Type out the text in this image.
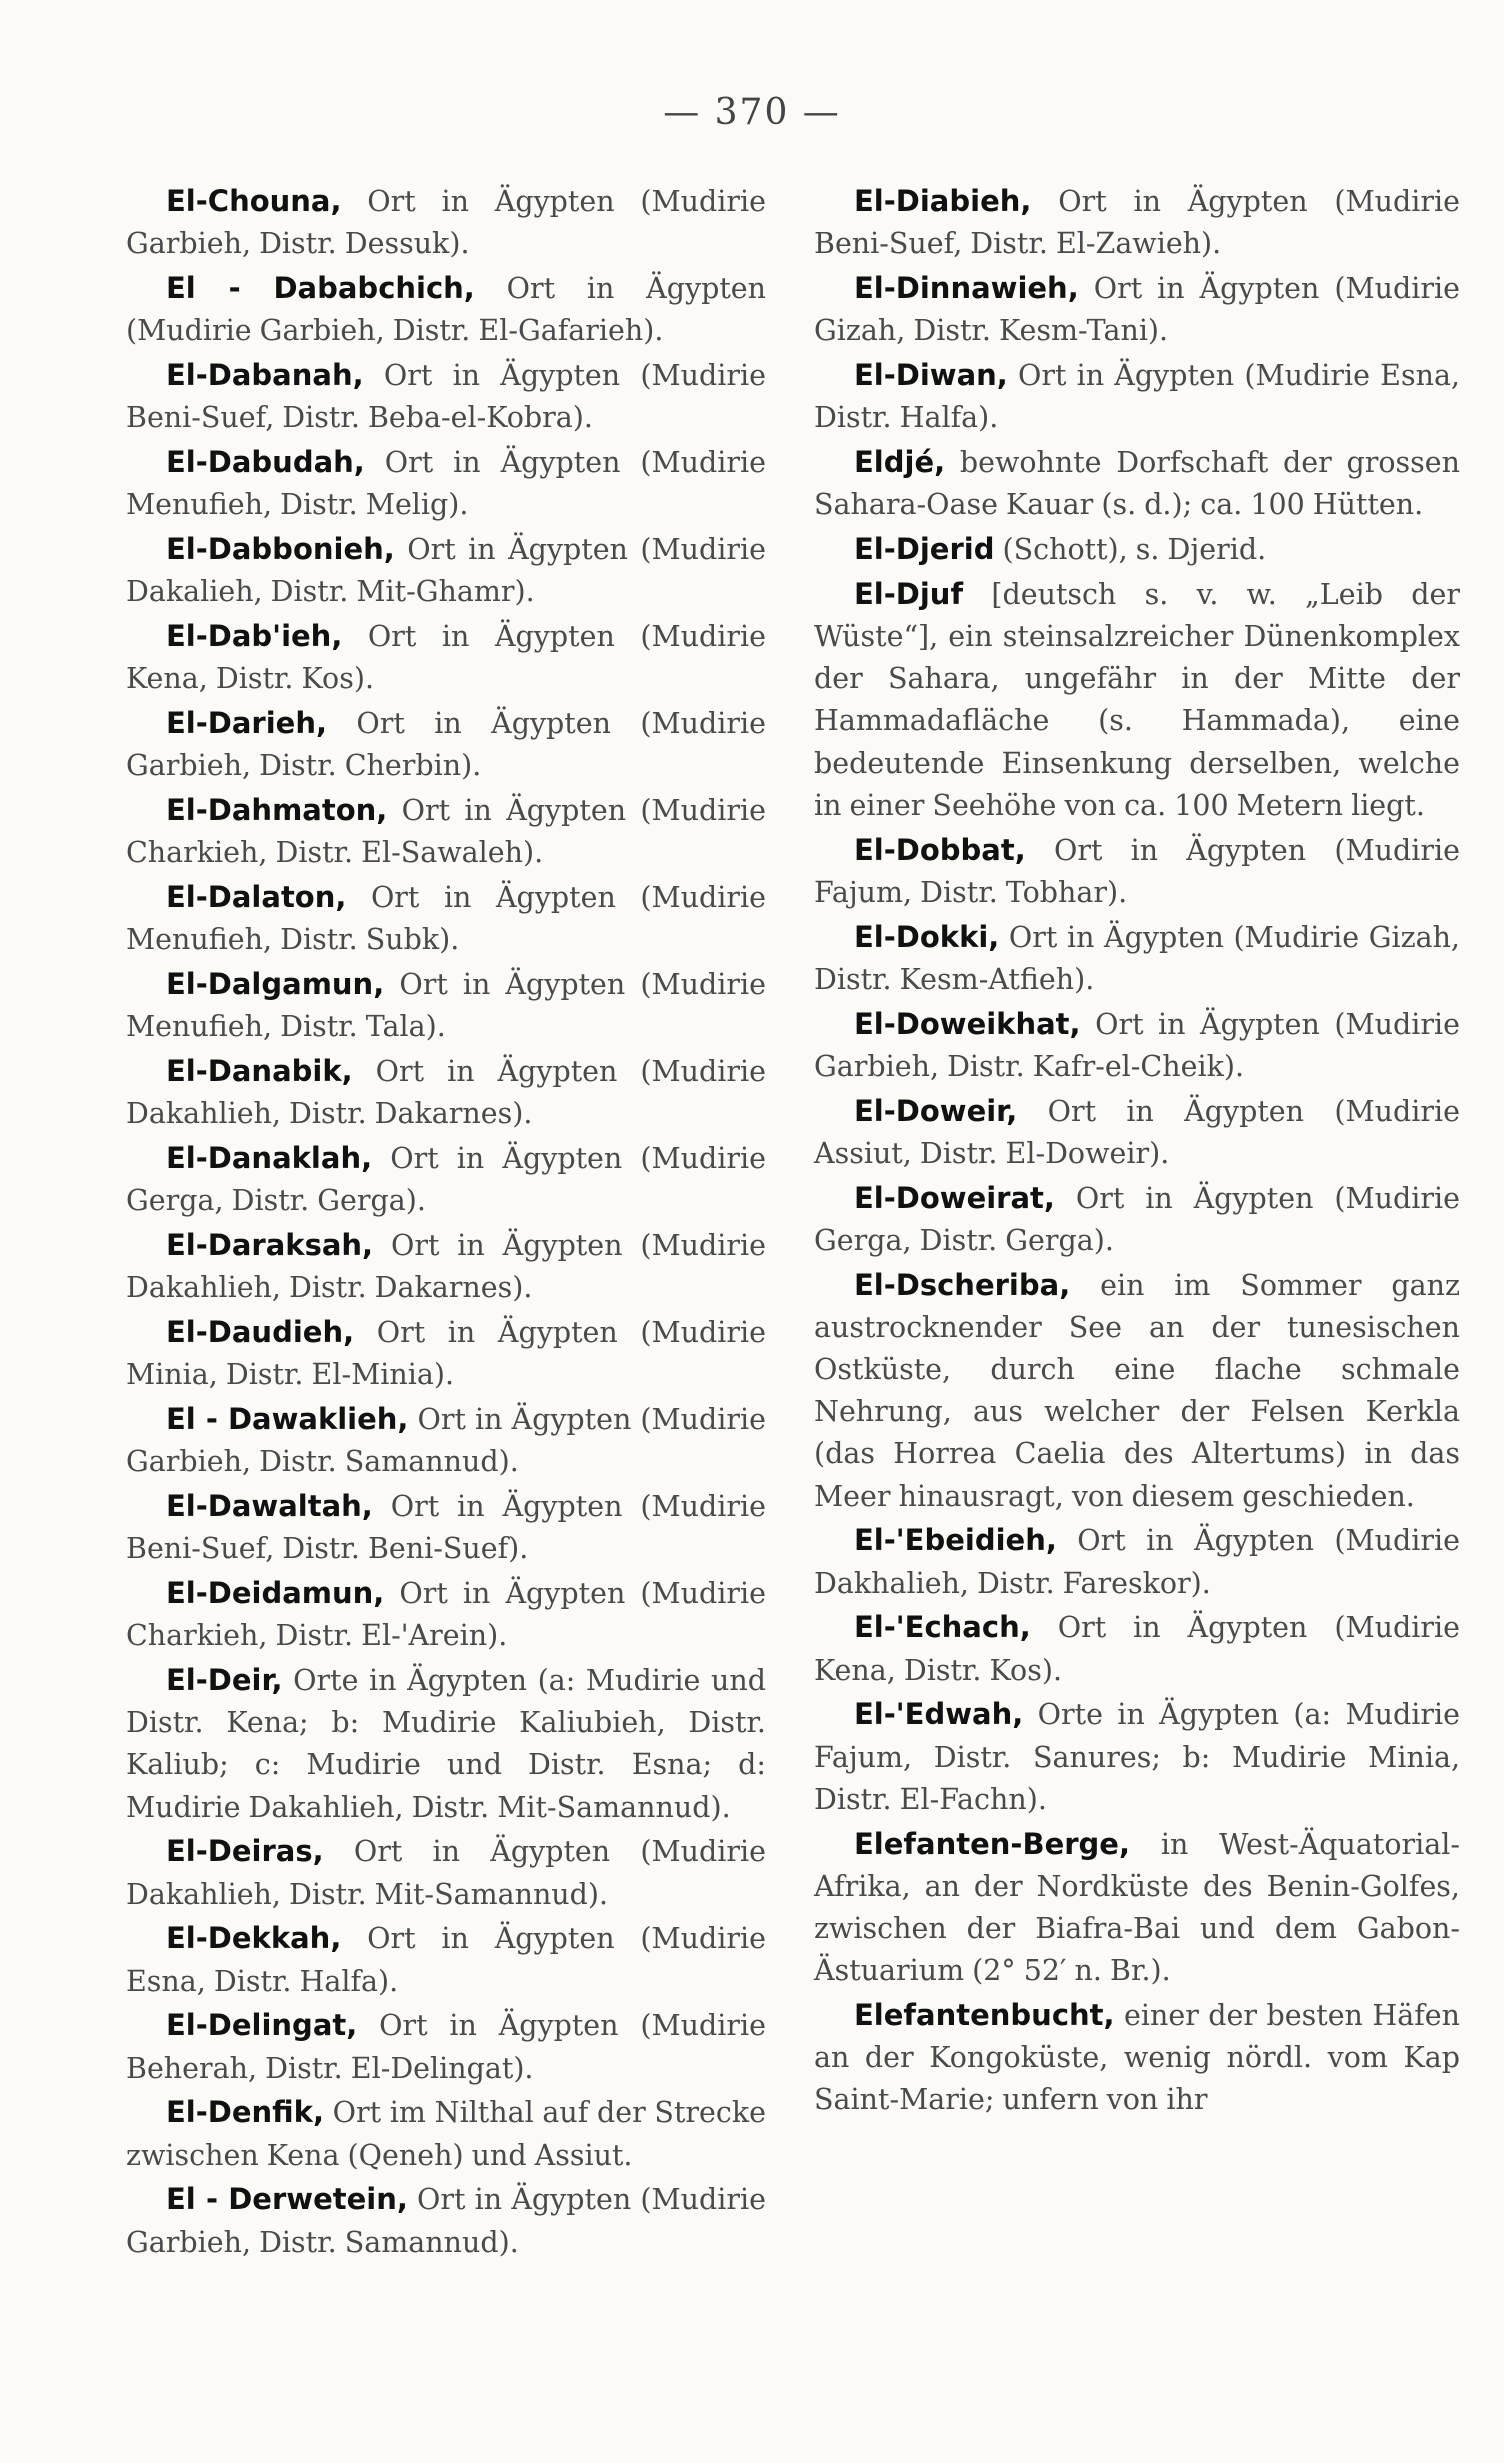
— 370 —

El-Chouna, Ort in Ägypten (Mudirie Garbieh, Distr. Dessuk).

El - Dababchich, Ort in Ägypten (Mudirie Garbieh, Distr. El-Gafarieh).

El-Dabanah, Ort in Ägypten (Mudirie Beni-Suef, Distr. Beba-el-Kobra).

El-Dabudah, Ort in Ägypten (Mudirie Menufieh, Distr. Melig).

El-Dabbonieh, Ort in Ägypten (Mudirie Dakalieh, Distr. Mit-Ghamr).

El-Dab'ieh, Ort in Ägypten (Mudirie Kena, Distr. Kos).

El-Darieh, Ort in Ägypten (Mudirie Garbieh, Distr. Cherbin).

El-Dahmaton, Ort in Ägypten (Mudirie Charkieh, Distr. El-Sawaleh).

El-Dalaton, Ort in Ägypten (Mudirie Menufieh, Distr. Subk).

El-Dalgamun, Ort in Ägypten (Mudirie Menufieh, Distr. Tala).

El-Danabik, Ort in Ägypten (Mudirie Dakahlieh, Distr. Dakarnes).

El-Danaklah, Ort in Ägypten (Mudirie Gerga, Distr. Gerga).

El-Daraksah, Ort in Ägypten (Mudirie Dakahlieh, Distr. Dakarnes).

El-Daudieh, Ort in Ägypten (Mudirie Minia, Distr. El-Minia).

El - Dawaklieh, Ort in Ägypten (Mudirie Garbieh, Distr. Samannud).

El-Dawaltah, Ort in Ägypten (Mudirie Beni-Suef, Distr. Beni-Suef).

El-Deidamun, Ort in Ägypten (Mudirie Charkieh, Distr. El-'Arein).

El-Deir, Orte in Ägypten (a: Mudirie und Distr. Kena; b: Mudirie Kaliubieh, Distr. Kaliub; c: Mudirie und Distr. Esna; d: Mudirie Dakahlieh, Distr. Mit-Samannud).

El-Deiras, Ort in Ägypten (Mudirie Dakahlieh, Distr. Mit-Samannud).

El-Dekkah, Ort in Ägypten (Mudirie Esna, Distr. Halfa).

El-Delingat, Ort in Ägypten (Mudirie Beherah, Distr. El-Delingat).

El-Denfik, Ort im Nilthal auf der Strecke zwischen Kena (Qeneh) und Assiut.

El - Derwetein, Ort in Ägypten (Mudirie Garbieh, Distr. Samannud).

El-Diabieh, Ort in Ägypten (Mudirie Beni-Suef, Distr. El-Zawieh).

El-Dinnawieh, Ort in Ägypten (Mudirie Gizah, Distr. Kesm-Tani).

El-Diwan, Ort in Ägypten (Mudirie Esna, Distr. Halfa).

Eldjé, bewohnte Dorfschaft der grossen Sahara-Oase Kauar (s. d.); ca. 100 Hütten.

El-Djerid (Schott), s. Djerid.

El-Djuf [deutsch s. v. w. „Leib der Wüste“], ein steinsalzreicher Dünenkomplex der Sahara, ungefähr in der Mitte der Hammadafläche (s. Hammada), eine bedeutende Einsenkung derselben, welche in einer Seehöhe von ca. 100 Metern liegt.

El-Dobbat, Ort in Ägypten (Mudirie Fajum, Distr. Tobhar).

El-Dokki, Ort in Ägypten (Mudirie Gizah, Distr. Kesm-Atfieh).

El-Doweikhat, Ort in Ägypten (Mudirie Garbieh, Distr. Kafr-el-Cheik).

El-Doweir, Ort in Ägypten (Mudirie Assiut, Distr. El-Doweir).

El-Doweirat, Ort in Ägypten (Mudirie Gerga, Distr. Gerga).

El-Dscheriba, ein im Sommer ganz austrocknender See an der tunesischen Ostküste, durch eine flache schmale Nehrung, aus welcher der Felsen Kerkla (das Horrea Caelia des Altertums) in das Meer hinausragt, von diesem geschieden.

El-'Ebeidieh, Ort in Ägypten (Mudirie Dakhalieh, Distr. Fareskor).

El-'Echach, Ort in Ägypten (Mudirie Kena, Distr. Kos).

El-'Edwah, Orte in Ägypten (a: Mudirie Fajum, Distr. Sanures; b: Mudirie Minia, Distr. El-Fachn).

Elefanten-Berge, in West-Äquatorial-Afrika, an der Nordküste des Benin-Golfes, zwischen der Biafra-Bai und dem Gabon-Ästuarium (2° 52′ n. Br.).

Elefantenbucht, einer der besten Häfen an der Kongoküste, wenig nördl. vom Kap Saint-Marie; unfern von ihr
